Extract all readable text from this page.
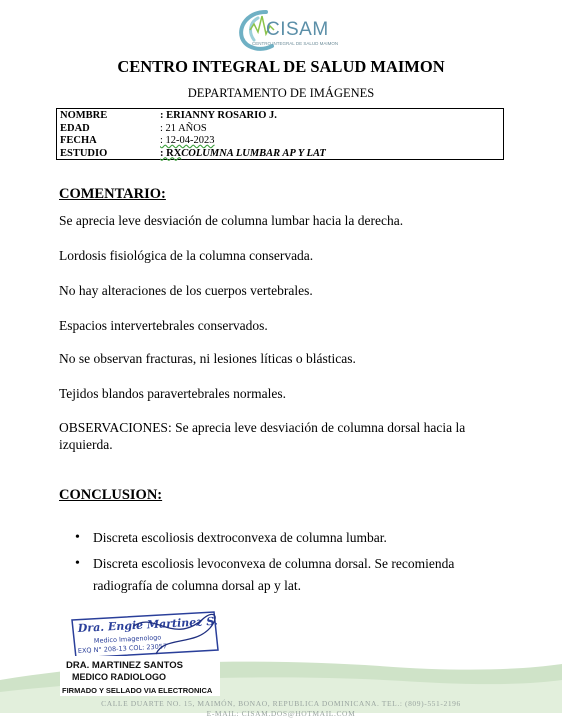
CISAM
CENTRO INTEGRAL DE SALUD MAIMON
CENTRO INTEGRAL DE SALUD MAIMON
DEPARTAMENTO DE IMÁGENES
NOMBRE	: ERIANNY ROSARIO J.
EDAD	: 21 AÑOS
FECHA	: 12-04-2023
ESTUDIO	: RX COLUMNA LUMBAR AP Y LAT
COMENTARIO:
Se aprecia leve desviación de columna lumbar hacia la derecha.
Lordosis fisiológica de la columna conservada.
No hay alteraciones de los cuerpos vertebrales.
Espacios intervertebrales conservados.
No se observan fracturas, ni lesiones líticas o blásticas.
Tejidos blandos paravertebrales normales.
OBSERVACIONES: Se aprecia leve desviación de columna dorsal hacia la izquierda.
CONCLUSION:
• Discreta escoliosis dextroconvexa de columna lumbar.
• Discreta escoliosis levoconvexa de columna dorsal. Se recomienda radiografía de columna dorsal ap y lat.
Dra. Engie Martinez S.
Medico Imagenologo
EXQ N° 208-13 COL: 23057
DRA. MARTINEZ SANTOS
MEDICO RADIOLOGO
FIRMADO Y SELLADO VIA ELECTRONICA
CALLE DUARTE NO. 15, MAIMÓN, BONAO, REPUBLICA DOMINICANA. TEL.: (809)-551-2196
E-MAIL: CISAM.DOS@HOTMAIL.COM
